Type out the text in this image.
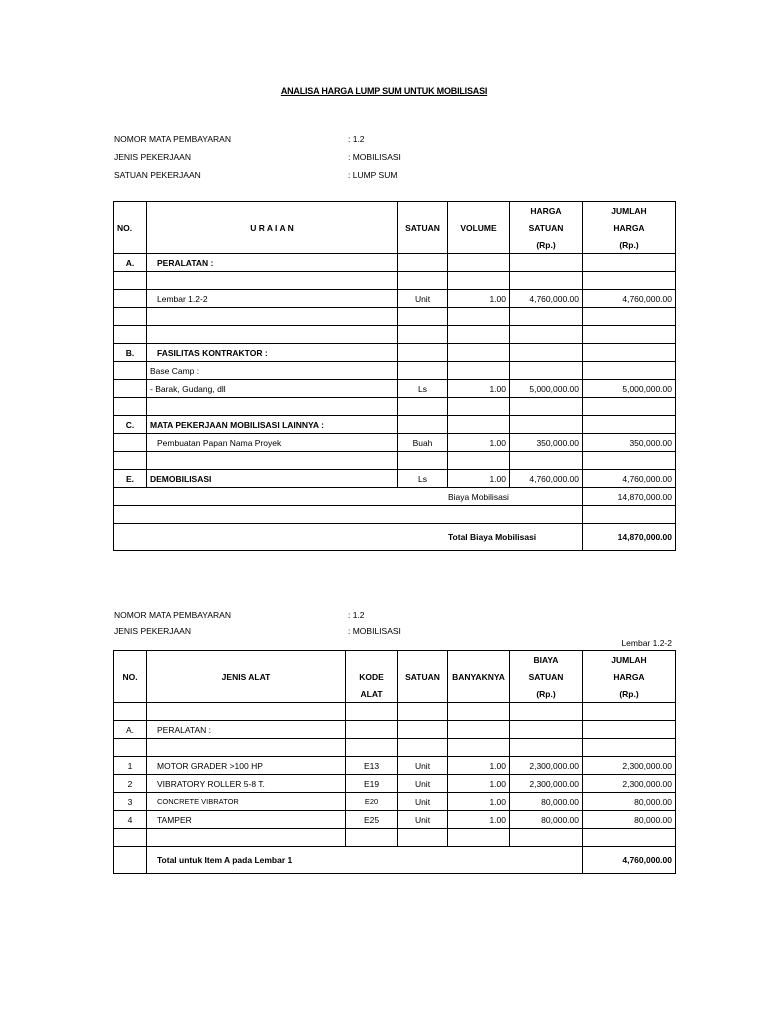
ANALISA HARGA LUMP SUM UNTUK MOBILISASI
NOMOR MATA PEMBAYARAN	: 1.2
JENIS PEKERJAAN	: MOBILISASI
SATUAN PEKERJAAN	: LUMP SUM
NO.	U R A I A N	SATUAN	VOLUME	HARGA	JUMLAH
				SATUAN	HARGA
				(Rp.)	(Rp.)
A.	PERALATAN :				

	Lembar 1.2-2	Unit	1.00	4,760,000.00	4,760,000.00

B.	FASILITAS KONTRAKTOR :				
	Base Camp :				
	- Barak, Gudang, dll	Ls	1.00	5,000,000.00	5,000,000.00

C.	MATA PEKERJAAN MOBILISASI LAINNYA :				
	Pembuatan Papan Nama Proyek	Buah	1.00	350,000.00	350,000.00

E.	DEMOBILISASI	Ls	1.00	4,760,000.00	4,760,000.00
Biaya Mobilisasi					14,870,000.00

Total Biaya Mobilisasi					14,870,000.00
NOMOR MATA PEMBAYARAN	: 1.2
JENIS PEKERJAAN	: MOBILISASI
Lembar 1.2-2
NO.	JENIS ALAT		SATUAN	BANYAKNYA	BIAYA	JUMLAH
		KODE			SATUAN	HARGA
		ALAT			(Rp.)	(Rp.)

A.	PERALATAN :					

1	MOTOR GRADER >100 HP	E13	Unit	1.00	2,300,000.00	2,300,000.00
2	VIBRATORY ROLLER 5-8 T.	E19	Unit	1.00	2,300,000.00	2,300,000.00
3	CONCRETE VIBRATOR	E20	Unit	1.00	80,000.00	80,000.00
4	TAMPER	E25	Unit	1.00	80,000.00	80,000.00

	Total untuk Item A pada Lembar 1					4,760,000.00
